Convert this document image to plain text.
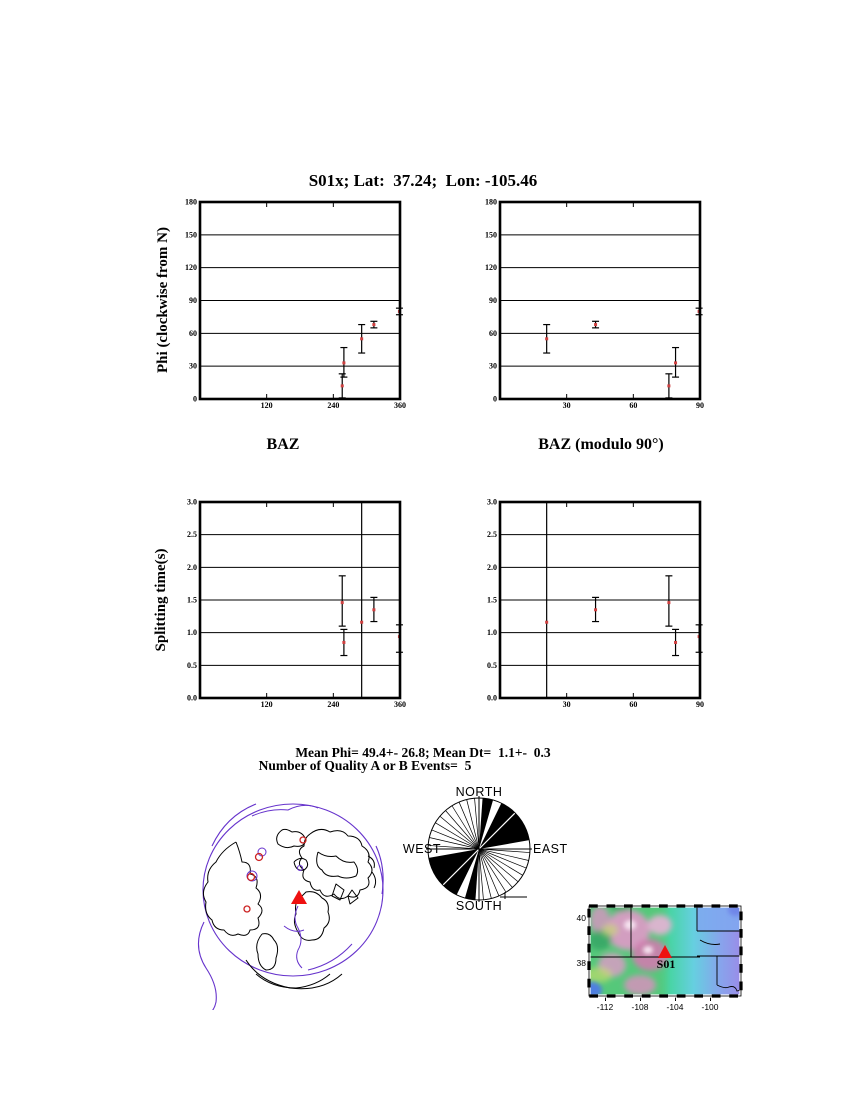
S01x; Lat:  37.24;  Lon: -105.46
Phi (clockwise from N)
Splitting time(s)
BAZ	BAZ (modulo 90°)
0
30
60
90
120
150
180
120	240	360
0
30
60
90
120
150
180
30	60	90
0.0
0.5
1.0
1.5
2.0
2.5
3.0
120	240	360
0.0
0.5
1.0
1.5
2.0
2.5
3.0
30	60	90
Mean Phi= 49.4+- 26.8; Mean Dt=  1.1+-  0.3
Number of Quality A or B Events=  5
NORTH
WEST	EAST
SOUTH
S01
-112 -108 -104 -100
40
38
